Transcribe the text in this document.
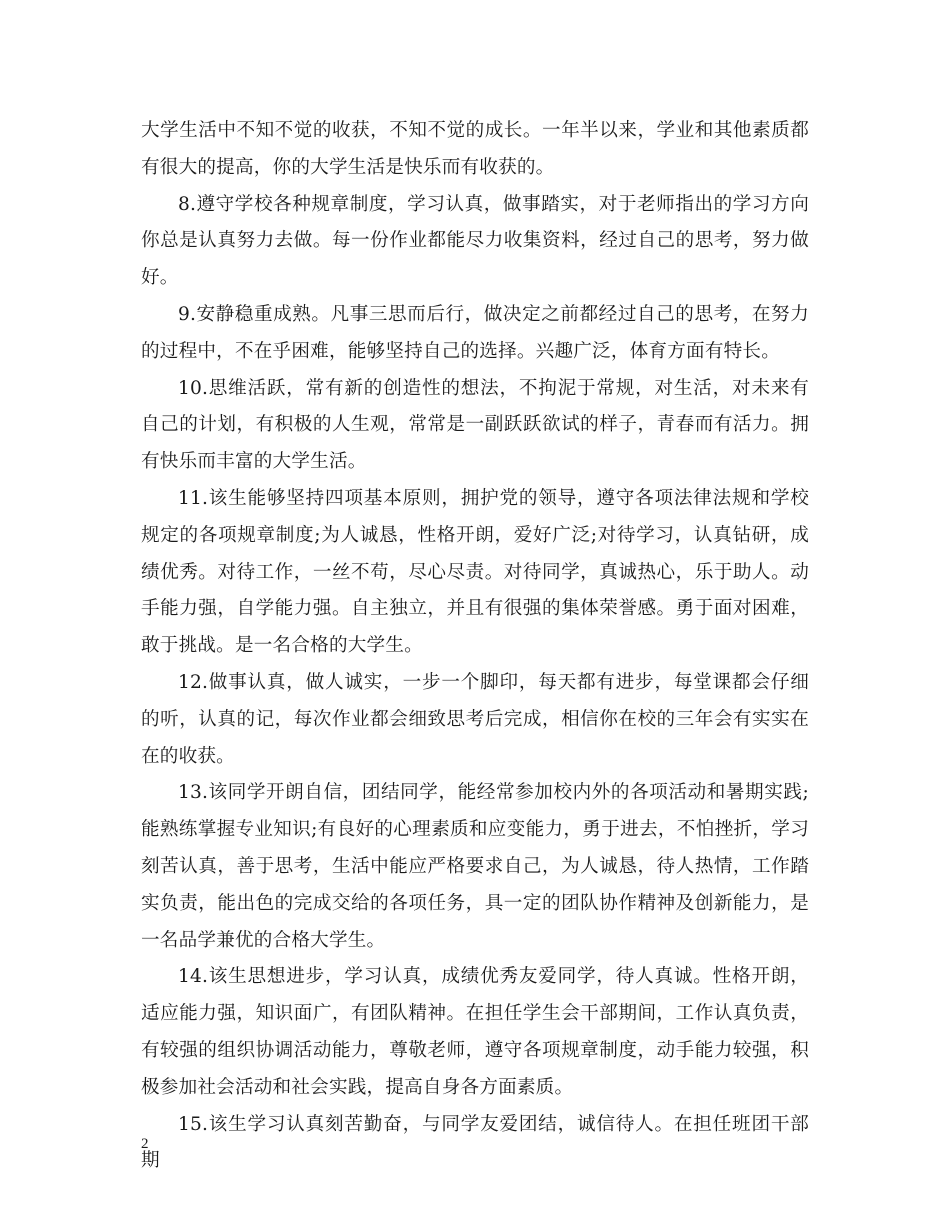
大学生活中不知不觉的收获，不知不觉的成长。一年半以来，学业和其他素质都有很大的提高，你的大学生活是快乐而有收获的。

8.遵守学校各种规章制度，学习认真，做事踏实，对于老师指出的学习方向你总是认真努力去做。每一份作业都能尽力收集资料，经过自己的思考，努力做好。

9.安静稳重成熟。凡事三思而后行，做决定之前都经过自己的思考，在努力的过程中，不在乎困难，能够坚持自己的选择。兴趣广泛，体育方面有特长。

10.思维活跃，常有新的创造性的想法，不拘泥于常规，对生活，对未来有自己的计划，有积极的人生观，常常是一副跃跃欲试的样子，青春而有活力。拥有快乐而丰富的大学生活。

11.该生能够坚持四项基本原则，拥护党的领导，遵守各项法律法规和学校规定的各项规章制度;为人诚恳，性格开朗，爱好广泛;对待学习，认真钻研，成绩优秀。对待工作，一丝不苟，尽心尽责。对待同学，真诚热心，乐于助人。动手能力强，自学能力强。自主独立，并且有很强的集体荣誉感。勇于面对困难，敢于挑战。是一名合格的大学生。

12.做事认真，做人诚实，一步一个脚印，每天都有进步，每堂课都会仔细的听，认真的记，每次作业都会细致思考后完成，相信你在校的三年会有实实在在的收获。

13.该同学开朗自信，团结同学，能经常参加校内外的各项活动和暑期实践;能熟练掌握专业知识;有良好的心理素质和应变能力，勇于进去，不怕挫折，学习刻苦认真，善于思考，生活中能应严格要求自己，为人诚恳，待人热情，工作踏实负责，能出色的完成交给的各项任务，具一定的团队协作精神及创新能力，是一名品学兼优的合格大学生。

14.该生思想进步，学习认真，成绩优秀友爱同学，待人真诚。性格开朗，适应能力强，知识面广，有团队精神。在担任学生会干部期间，工作认真负责，有较强的组织协调活动能力，尊敬老师，遵守各项规章制度，动手能力较强，积极参加社会活动和社会实践，提高自身各方面素质。

15.该生学习认真刻苦勤奋，与同学友爱团结，诚信待人。在担任班团干部期

2
